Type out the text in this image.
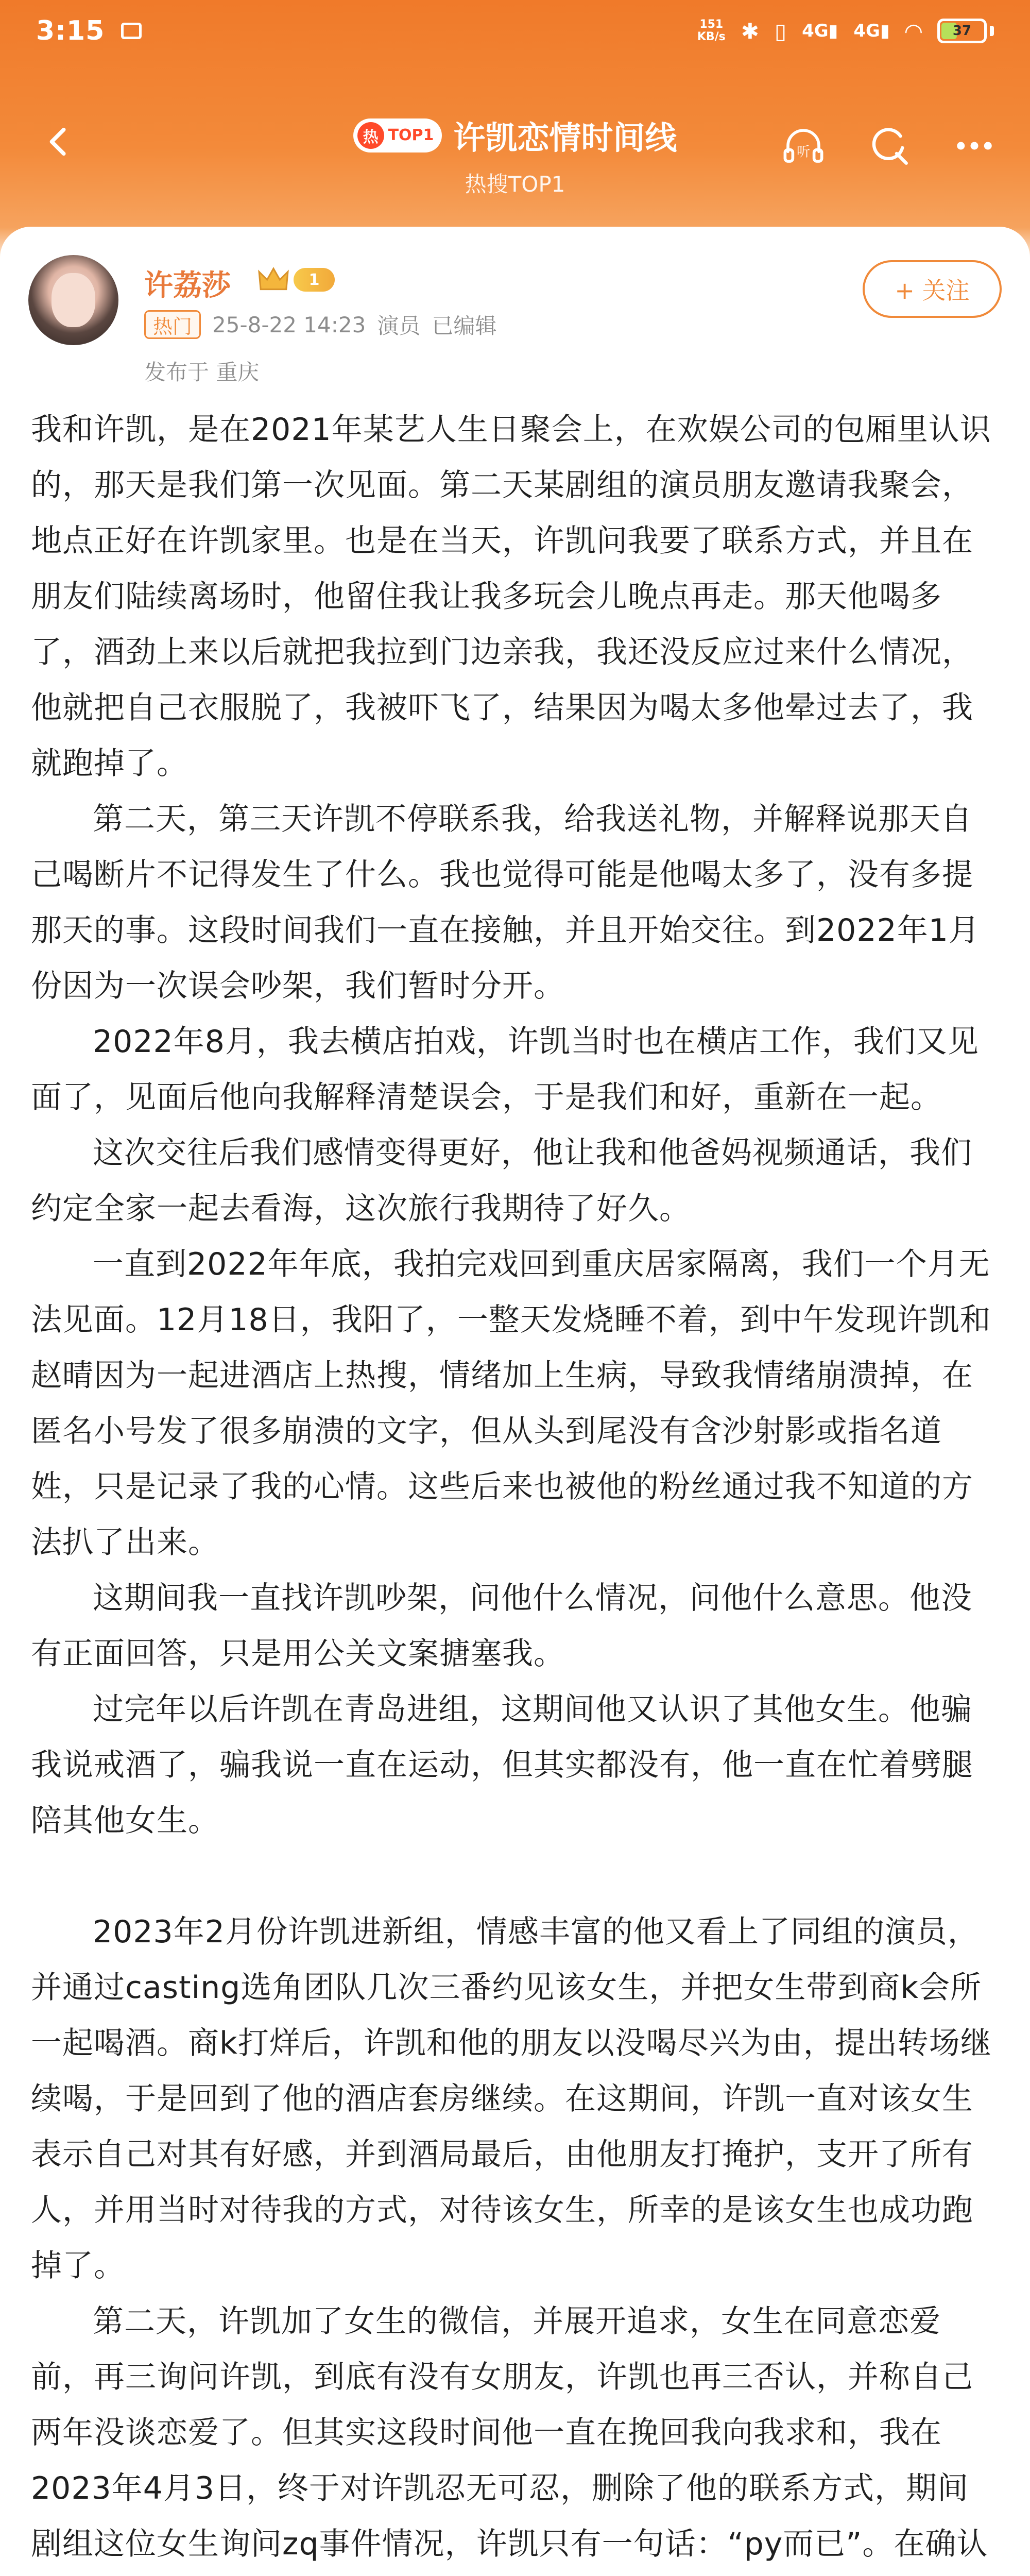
3:15	151
KB/s ✱ ▯ 4G▮ 4G▮ ◠ 37
热 TOP1 许凯恋情时间线
热搜TOP1
听
许荔莎	1
热门 25-8-22 14:23 演员 已编辑
发布于 重庆
+ 关注

我和许凯，是在2021年某艺人生日聚会上，在欢娱公司的包厢里认识的，那天是我们第一次见面。第二天某剧组的演员朋友邀请我聚会，地点正好在许凯家里。也是在当天，许凯问我要了联系方式，并且在朋友们陆续离场时，他留住我让我多玩会儿晚点再走。那天他喝多了，酒劲上来以后就把我拉到门边亲我，我还没反应过来什么情况，他就把自己衣服脱了，我被吓飞了，结果因为喝太多他晕过去了，我就跑掉了。

第二天，第三天许凯不停联系我，给我送礼物，并解释说那天自己喝断片不记得发生了什么。我也觉得可能是他喝太多了，没有多提那天的事。这段时间我们一直在接触，并且开始交往。到2022年1月份因为一次误会吵架，我们暂时分开。

2022年8月，我去横店拍戏，许凯当时也在横店工作，我们又见面了，见面后他向我解释清楚误会，于是我们和好，重新在一起。

这次交往后我们感情变得更好，他让我和他爸妈视频通话，我们约定全家一起去看海，这次旅行我期待了好久。

一直到2022年年底，我拍完戏回到重庆居家隔离，我们一个月无法见面。12月18日，我阳了，一整天发烧睡不着，到中午发现许凯和赵晴因为一起进酒店上热搜，情绪加上生病，导致我情绪崩溃掉，在匿名小号发了很多崩溃的文字，但从头到尾没有含沙射影或指名道姓，只是记录了我的心情。这些后来也被他的粉丝通过我不知道的方法扒了出来。

这期间我一直找许凯吵架，问他什么情况，问他什么意思。他没有正面回答，只是用公关文案搪塞我。

过完年以后许凯在青岛进组，这期间他又认识了其他女生。他骗我说戒酒了，骗我说一直在运动，但其实都没有，他一直在忙着劈腿陪其他女生。

2023年2月份许凯进新组，情感丰富的他又看上了同组的演员，并通过casting选角团队几次三番约见该女生，并把女生带到商k会所一起喝酒。商k打烊后，许凯和他的朋友以没喝尽兴为由，提出转场继续喝，于是回到了他的酒店套房继续。在这期间，许凯一直对该女生表示自己对其有好感，并到酒局最后，由他朋友打掩护，支开了所有人，并用当时对待我的方式，对待该女生，所幸的是该女生也成功跑掉了。

第二天，许凯加了女生的微信，并展开追求，女生在同意恋爱前，再三询问许凯，到底有没有女朋友，许凯也再三否认，并称自己两年没谈恋爱了。但其实这段时间他一直在挽回我向我求和，我在2023年4月3日，终于对许凯忍无可忍，删除了他的联系方式，期间剧组这位女生询问zq事件情况，许凯只有一句话：“py而已”。在确认
